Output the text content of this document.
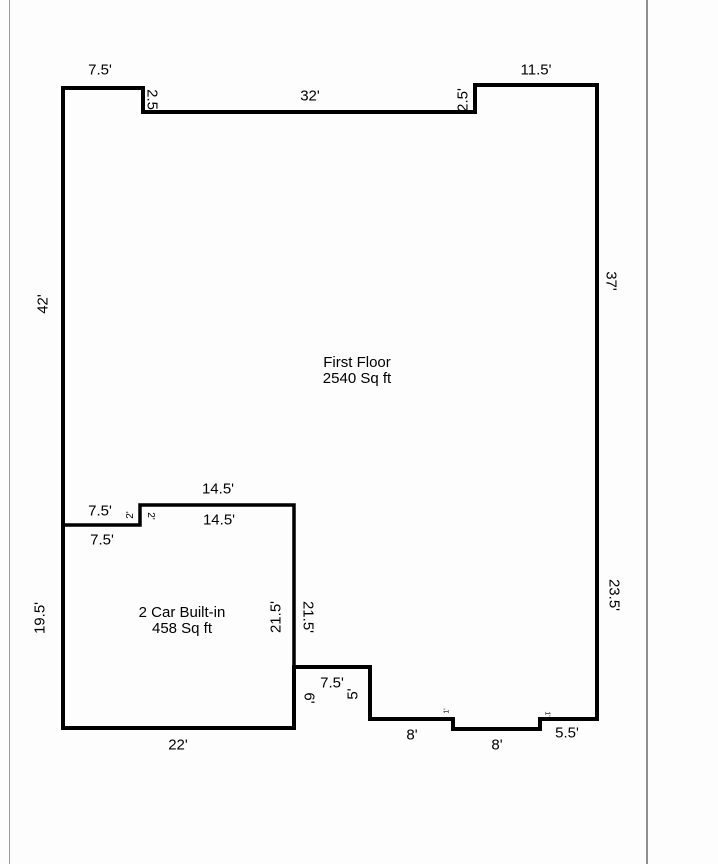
7.5'
2.5'	32'	2.5'
11.5'
42'
19.5'
37'
23.5'
14.5'
14.5'
7.5'
7.5'
2' 2'
21.5' 21.5'
22'
6'
7.5'
5'
8'
8'
5.5'
1'
1'
First Floor
2540 Sq ft
2 Car Built-in
458 Sq ft
